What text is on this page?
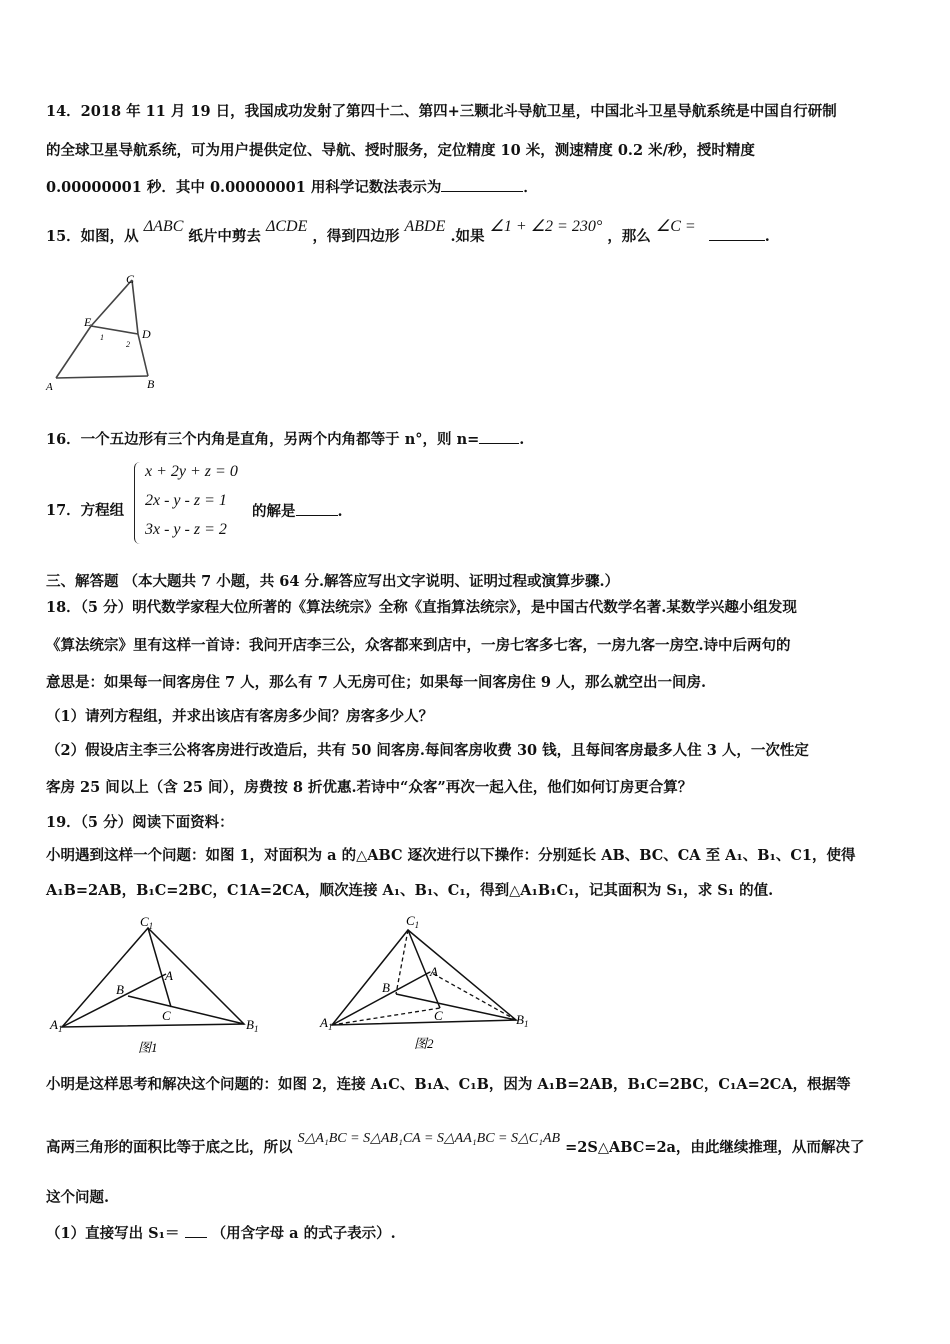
14．2018 年 11 月 19 日，我国成功发射了第四十二、第四+三颗北斗导航卫星，中国北斗卫星导航系统是中国自行研制
的全球卫星导航系统，可为用户提供定位、导航、授时服务，定位精度 10 米，测速精度 0.2 米/秒，授时精度
0.00000001 秒．其中 0.00000001 用科学记数法表示为	．
15．如图，从 ΔABC 纸片中剪去 ΔCDE ，得到四边形 ABDE .如果 ∠1 + ∠2 = 230° ，那么 ∠C = .
C
E
D
A	B
1
2
16．一个五边形有三个内角是直角，另两个内角都等于 n°，则 n=	.
17．方程组
x + 2y + z = 0
2x - y - z = 1
3x - y - z = 2
的解是	.
三、解答题 （本大题共 7 小题，共 64 分.解答应写出文字说明、证明过程或演算步骤.）
18．（5 分）明代数学家程大位所著的《算法统宗》全称《直指算法统宗》，是中国古代数学名著.某数学兴趣小组发现
《算法统宗》里有这样一首诗：我问开店李三公，众客都来到店中，一房七客多七客，一房九客一房空.诗中后两句的
意思是：如果每一间客房住 7 人，那么有 7 人无房可住；如果每一间客房住 9 人，那么就空出一间房.
（1）请列方程组，并求出该店有客房多少间？房客多少人？
（2）假设店主李三公将客房进行改造后，共有 50 间客房.每间客房收费 30 钱，且每间客房最多人住 3 人，一次性定
客房 25 间以上（含 25 间），房费按 8 折优惠.若诗中“众客”再次一起入住，他们如何订房更合算？
19．（5 分）阅读下面资料：
小明遇到这样一个问题：如图 1，对面积为 a 的△ABC 逐次进行以下操作：分别延长 AB、BC、CA 至 A₁、B₁、C1，使得
A₁B=2AB，B₁C=2BC，C1A=2CA，顺次连接 A₁、B₁、C₁，得到△A₁B₁C₁，记其面积为 S₁，求 S₁ 的值.
$C_1$
$A_1$	$B_1$
A
B
C
图1
$C_1$
$A_1$	$B_1$
A
B
C
图2
小明是这样思考和解决这个问题的：如图 2，连接 A₁C、B₁A、C₁B，因为 A₁B=2AB，B₁C=2BC，C₁A=2CA，根据等
高两三角形的面积比等于底之比，所以 S△A₁BC = S△AB₁CA = S△AA₁BC = S△C₁AB =2S△ABC=2a，由此继续推理，从而解决了
这个问题.
（1）直接写出 S₁＝ （用含字母 a 的式子表示）.
